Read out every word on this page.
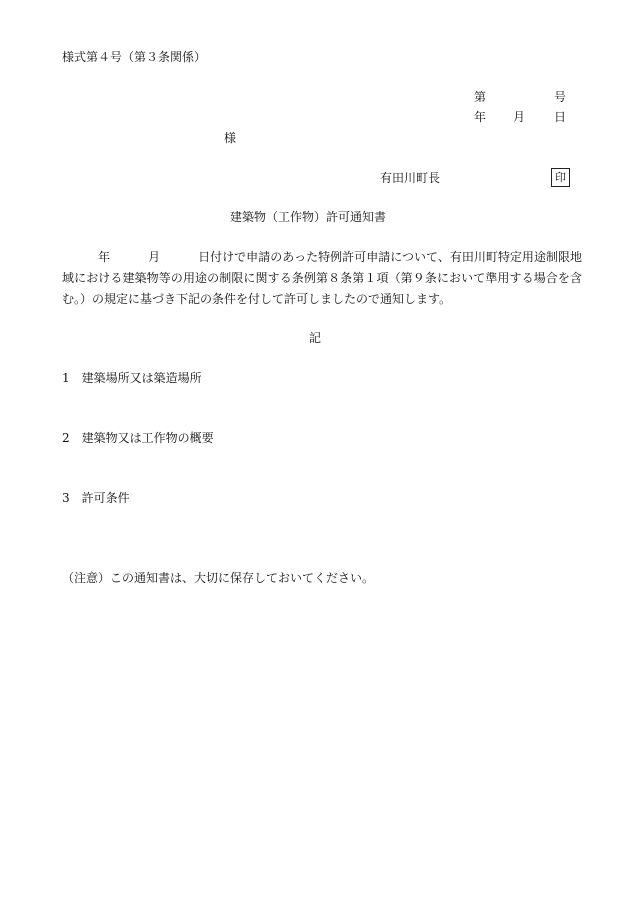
様式第４号（第３条関係）
第	号
年 月 日
様
有田川町長	印
建築物（工作物）許可通知書
年	月	日付けで申請のあった特例許可申請について、有田川町特定用途制限地域における建築物等の用途の制限に関する条例第８条第１項（第９条において準用する場合を含む。）の規定に基づき下記の条件を付して許可しましたので通知します。
記
1　建築場所又は築造場所
2　建築物又は工作物の概要
3　許可条件
（注意）この通知書は、大切に保存しておいてください。
